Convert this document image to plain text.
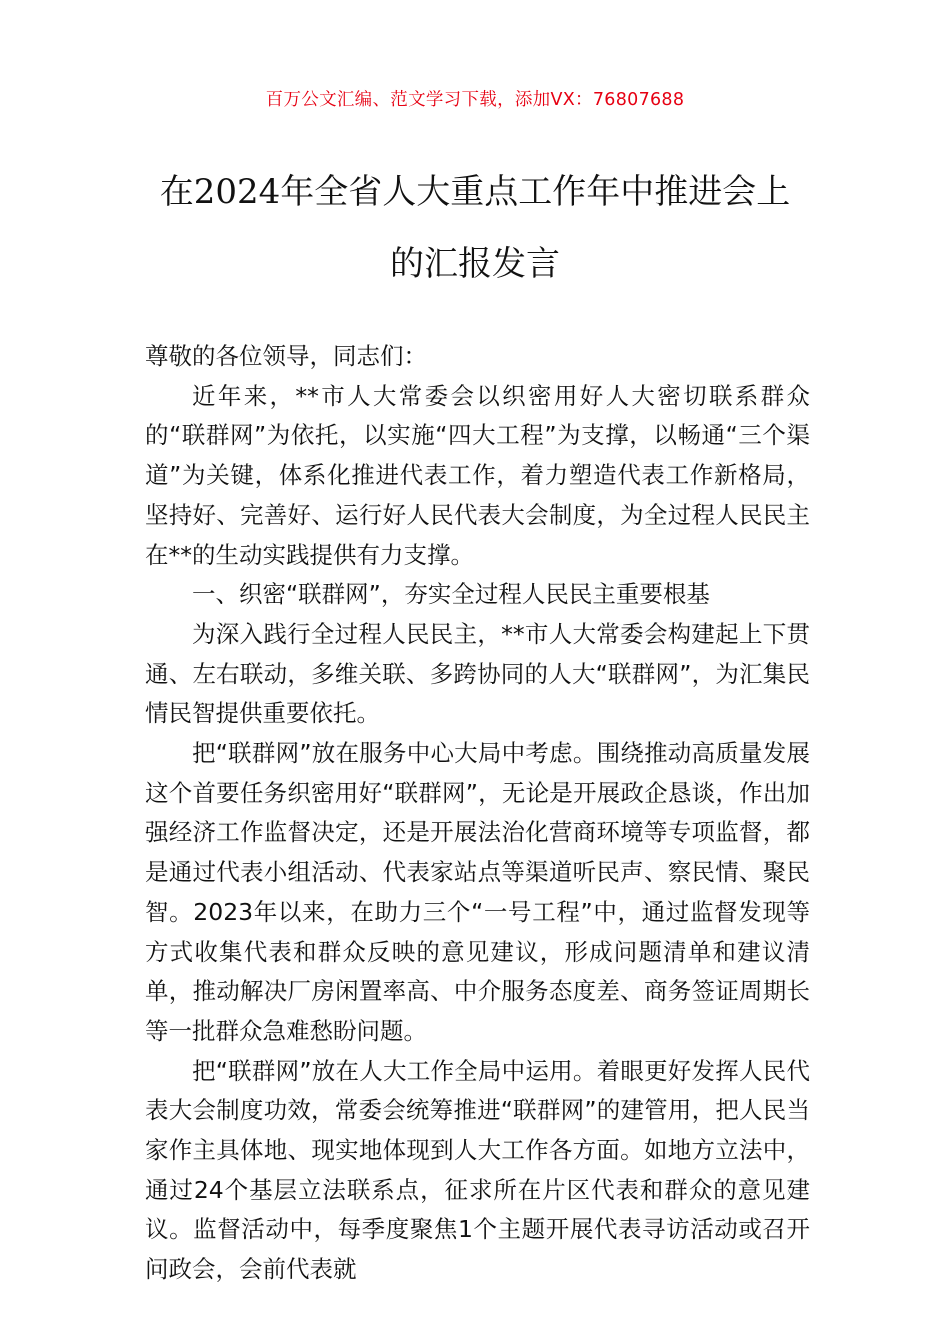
百万公文汇编、范文学习下载，添加VX：76807688
在2024年全省人大重点工作年中推进会上
的汇报发言

尊敬的各位领导，同志们：

近年来，**市人大常委会以织密用好人大密切联系群众的“联群网”为依托，以实施“四大工程”为支撑，以畅通“三个渠道”为关键，体系化推进代表工作，着力塑造代表工作新格局，坚持好、完善好、运行好人民代表大会制度，为全过程人民民主在**的生动实践提供有力支撑。

一、织密“联群网”，夯实全过程人民民主重要根基

为深入践行全过程人民民主，**市人大常委会构建起上下贯通、左右联动，多维关联、多跨协同的人大“联群网”，为汇集民情民智提供重要依托。

把“联群网”放在服务中心大局中考虑。围绕推动高质量发展这个首要任务织密用好“联群网”，无论是开展政企恳谈，作出加强经济工作监督决定，还是开展法治化营商环境等专项监督，都是通过代表小组活动、代表家站点等渠道听民声、察民情、聚民智。2023年以来，在助力三个“一号工程”中，通过监督发现等方式收集代表和群众反映的意见建议，形成问题清单和建议清单，推动解决厂房闲置率高、中介服务态度差、商务签证周期长等一批群众急难愁盼问题。

把“联群网”放在人大工作全局中运用。着眼更好发挥人民代表大会制度功效，常委会统筹推进“联群网”的建管用，把人民当家作主具体地、现实地体现到人大工作各方面。如地方立法中，通过24个基层立法联系点，征求所在片区代表和群众的意见建议。监督活动中，每季度聚焦1个主题开展代表寻访活动或召开问政会，会前代表就
